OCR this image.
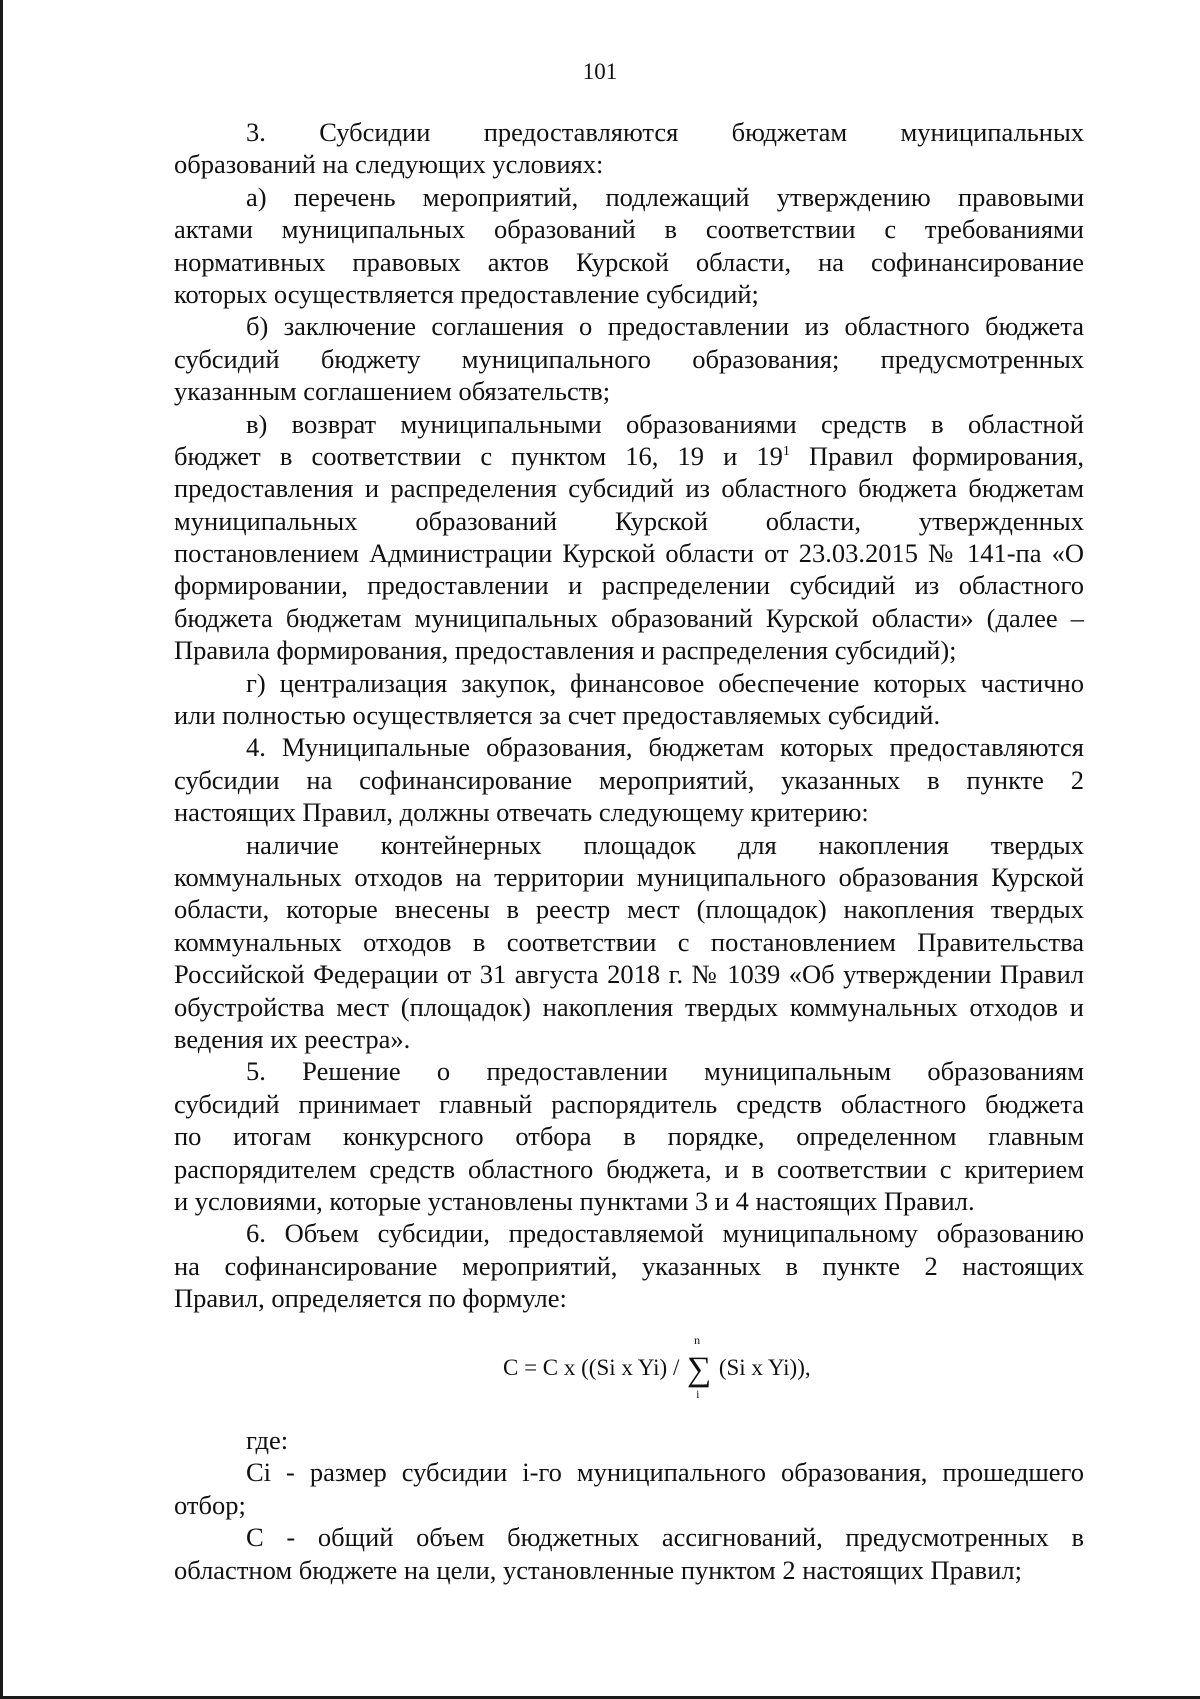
101
3. Субсидии предоставляются бюджетам муниципальных
образований на следующих условиях:
а) перечень мероприятий, подлежащий утверждению правовыми
актами муниципальных образований в соответствии с требованиями
нормативных правовых актов Курской области, на софинансирование
которых осуществляется предоставление субсидий;
б) заключение соглашения о предоставлении из областного бюджета
субсидий бюджету муниципального образования; предусмотренных
указанным соглашением обязательств;
в) возврат муниципальными образованиями средств в областной
бюджет в соответствии с пунктом 16, 19 и $19^1$ Правил формирования,
предоставления и распределения субсидий из областного бюджета бюджетам
муниципальных образований Курской области, утвержденных
постановлением Администрации Курской области от 23.03.2015 № 141-па «О
формировании, предоставлении и распределении субсидий из областного
бюджета бюджетам муниципальных образований Курской области» (далее –
Правила формирования, предоставления и распределения субсидий);
г) централизация закупок, финансовое обеспечение которых частично
или полностью осуществляется за счет предоставляемых субсидий.
4. Муниципальные образования, бюджетам которых предоставляются
субсидии на софинансирование мероприятий, указанных в пункте 2
настоящих Правил, должны отвечать следующему критерию:
наличие контейнерных площадок для накопления твердых
коммунальных отходов на территории муниципального образования Курской
области, которые внесены в реестр мест (площадок) накопления твердых
коммунальных отходов в соответствии с постановлением Правительства
Российской Федерации от 31 августа 2018 г. № 1039 «Об утверждении Правил
обустройства мест (площадок) накопления твердых коммунальных отходов и
ведения их реестра».
5. Решение о предоставлении муниципальным образованиям
субсидий принимает главный распорядитель средств областного бюджета
по итогам конкурсного отбора в порядке, определенном главным
распорядителем средств областного бюджета, и в соответствии с критерием
и условиями, которые установлены пунктами 3 и 4 настоящих Правил.
6. Объем субсидии, предоставляемой муниципальному образованию
на софинансирование мероприятий, указанных в пункте 2 настоящих
Правил, определяется по формуле:
С = С х ((Si x Yi) /
n
∑
i
(Si x Yi)),
где:
Сi - размер субсидии i-го муниципального образования, прошедшего
отбор;
С - общий объем бюджетных ассигнований, предусмотренных в
областном бюджете на цели, установленные пунктом 2 настоящих Правил;
